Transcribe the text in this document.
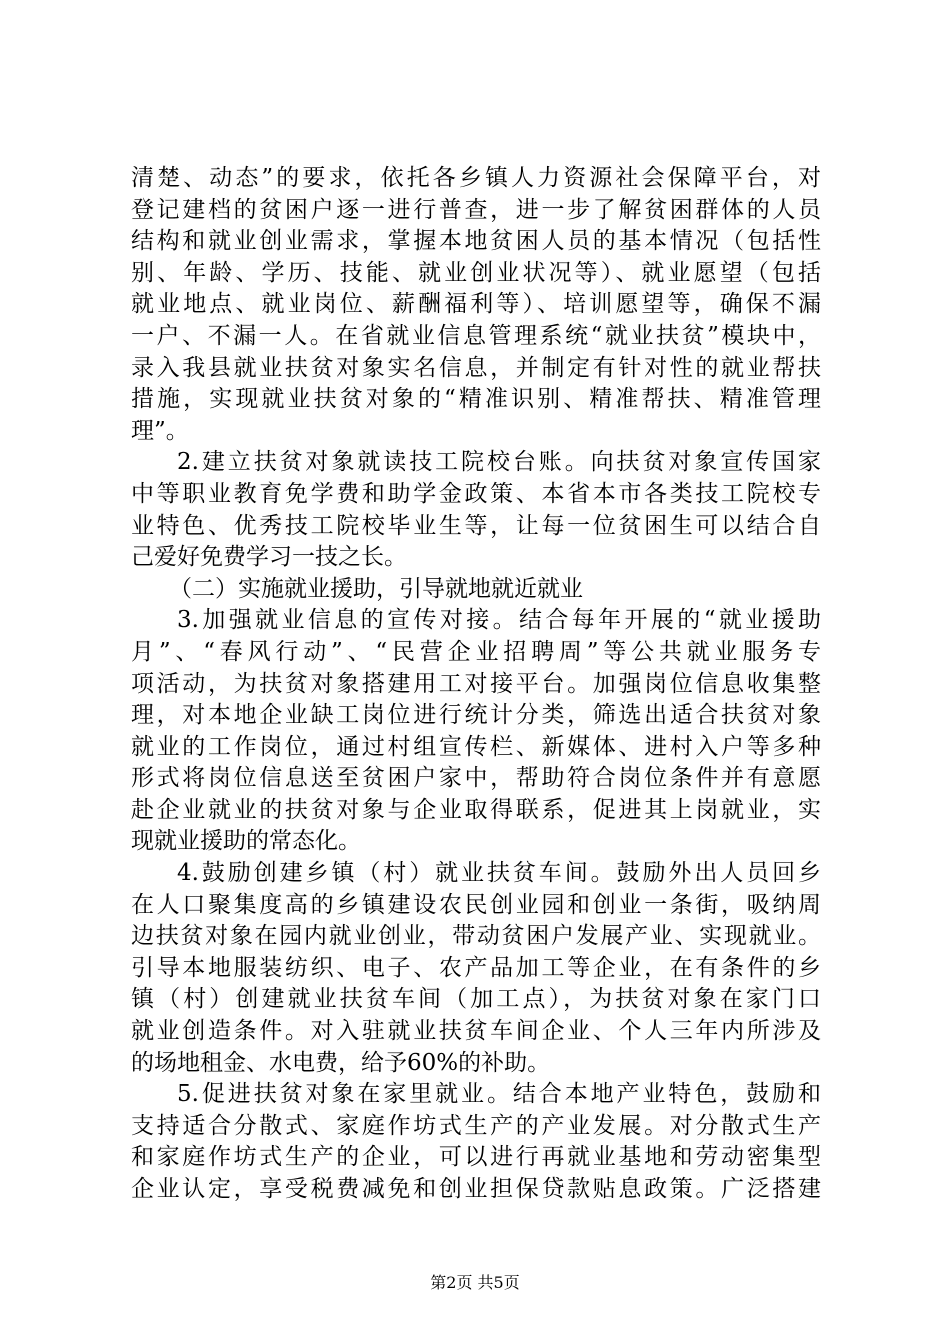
清楚、动态”的要求，依托各乡镇人力资源社会保障平台，对
登记建档的贫困户逐一进行普查，进一步了解贫困群体的人员
结构和就业创业需求，掌握本地贫困人员的基本情况（包括性
别、年龄、学历、技能、就业创业状况等）、就业愿望（包括
就业地点、就业岗位、薪酬福利等）、培训愿望等，确保不漏
一户、不漏一人。在省就业信息管理系统“就业扶贫”模块中，
录入我县就业扶贫对象实名信息，并制定有针对性的就业帮扶
措施，实现就业扶贫对象的“精准识别、精准帮扶、精准管理
理”。
2.建立扶贫对象就读技工院校台账。向扶贫对象宣传国家
中等职业教育免学费和助学金政策、本省本市各类技工院校专
业特色、优秀技工院校毕业生等，让每一位贫困生可以结合自
己爱好免费学习一技之长。
（二）实施就业援助，引导就地就近就业
3.加强就业信息的宣传对接。结合每年开展的“就业援助
月”、“春风行动”、“民营企业招聘周”等公共就业服务专
项活动，为扶贫对象搭建用工对接平台。加强岗位信息收集整
理，对本地企业缺工岗位进行统计分类，筛选出适合扶贫对象
就业的工作岗位，通过村组宣传栏、新媒体、进村入户等多种
形式将岗位信息送至贫困户家中，帮助符合岗位条件并有意愿
赴企业就业的扶贫对象与企业取得联系，促进其上岗就业，实
现就业援助的常态化。
4.鼓励创建乡镇（村）就业扶贫车间。鼓励外出人员回乡
在人口聚集度高的乡镇建设农民创业园和创业一条街，吸纳周
边扶贫对象在园内就业创业，带动贫困户发展产业、实现就业。
引导本地服装纺织、电子、农产品加工等企业，在有条件的乡
镇（村）创建就业扶贫车间（加工点），为扶贫对象在家门口
就业创造条件。对入驻就业扶贫车间企业、个人三年内所涉及
的场地租金、水电费，给予60%的补助。
5.促进扶贫对象在家里就业。结合本地产业特色，鼓励和
支持适合分散式、家庭作坊式生产的产业发展。对分散式生产
和家庭作坊式生产的企业，可以进行再就业基地和劳动密集型
企业认定，享受税费减免和创业担保贷款贴息政策。广泛搭建
第2页 共5页
